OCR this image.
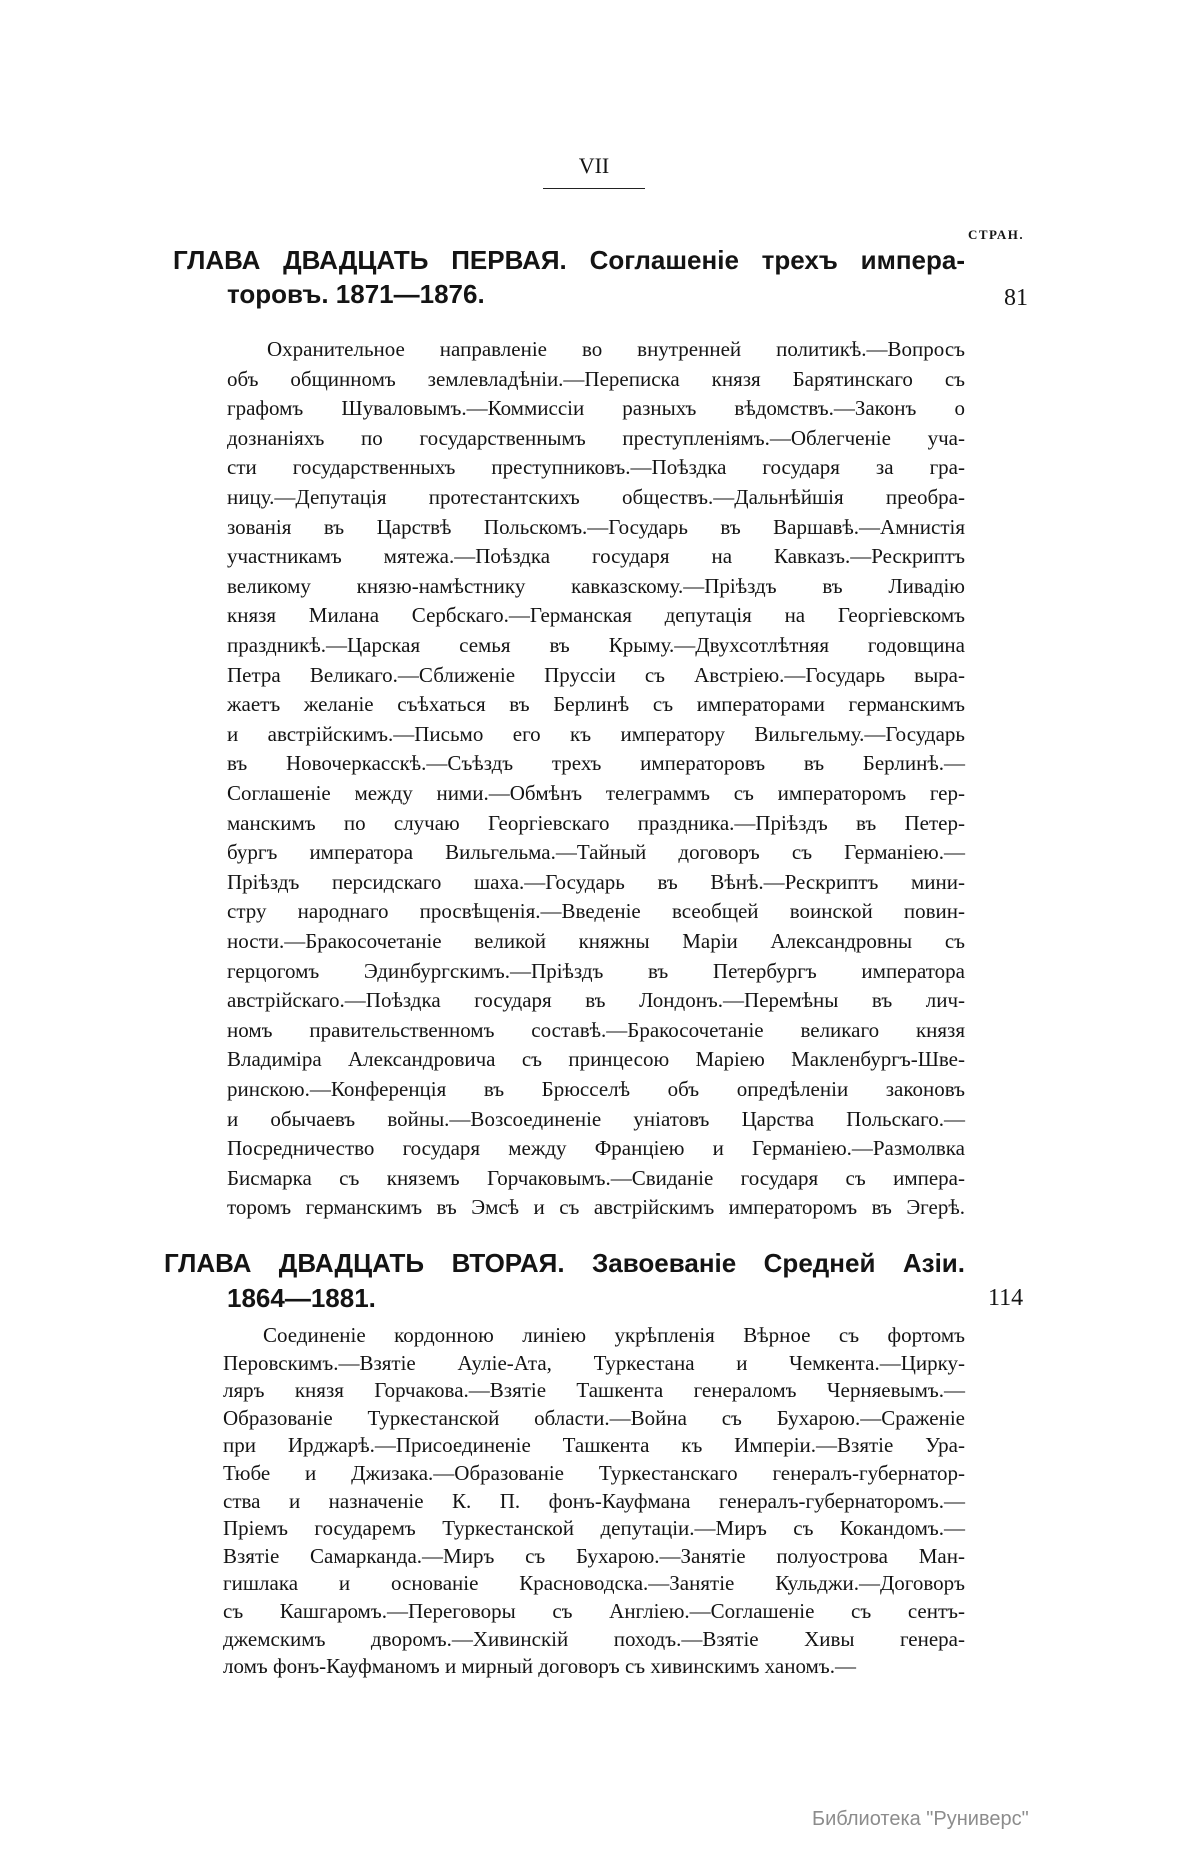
VII
СТРАН.
ГЛАВА ДВАДЦАТЬ ПЕРВАЯ. Соглашеніе трехъ импера-
торовъ. 1871—1876.	81
Охранительное направленіе во внутренней политикѣ.—Вопросъ
объ общинномъ землевладѣніи.—Переписка князя Барятинскаго съ
графомъ Шуваловымъ.—Коммиссіи разныхъ вѣдомствъ.—Законъ о
дознаніяхъ по государственнымъ преступленіямъ.—Облегченіе уча-
сти государственныхъ преступниковъ.—Поѣздка государя за гра-
ницу.—Депутація протестантскихъ обществъ.—Дальнѣйшія преобра-
зованія въ Царствѣ Польскомъ.—Государь въ Варшавѣ.—Амнистія
участникамъ мятежа.—Поѣздка государя на Кавказъ.—Рескриптъ
великому князю-намѣстнику кавказскому.—Пріѣздъ въ Ливадію
князя Милана Сербскаго.—Германская депутація на Георгіевскомъ
праздникѣ.—Царская семья въ Крыму.—Двухсотлѣтняя годовщина
Петра Великаго.—Сближеніе Пруссіи съ Австріею.—Государь выра-
жаетъ желаніе съѣхаться въ Берлинѣ съ императорами германскимъ
и австрійскимъ.—Письмо его къ императору Вильгельму.—Государь
въ Новочеркасскѣ.—Съѣздъ трехъ императоровъ въ Берлинѣ.—
Соглашеніе между ними.—Обмѣнъ телеграммъ съ императоромъ гер-
манскимъ по случаю Георгіевскаго праздника.—Пріѣздъ въ Петер-
бургъ императора Вильгельма.—Тайный договоръ съ Германіею.—
Пріѣздъ персидскаго шаха.—Государь въ Вѣнѣ.—Рескриптъ мини-
стру народнаго просвѣщенія.—Введеніе всеобщей воинской повин-
ности.—Бракосочетаніе великой княжны Маріи Александровны съ
герцогомъ Эдинбургскимъ.—Пріѣздъ въ Петербургъ императора
австрійскаго.—Поѣздка государя въ Лондонъ.—Перемѣны въ лич-
номъ правительственномъ составѣ.—Бракосочетаніе великаго князя
Владиміра Александровича съ принцесою Маріею Макленбургъ-Шве-
ринскою.—Конференція въ Брюсселѣ объ опредѣленіи законовъ
и обычаевъ войны.—Возсоединеніе уніатовъ Царства Польскаго.—
Посредничество государя между Франціею и Германіею.—Размолвка
Бисмарка съ княземъ Горчаковымъ.—Свиданіе государя съ импера-
торомъ германскимъ въ Эмсѣ и съ австрійскимъ императоромъ въ Эгерѣ.
ГЛАВА ДВАДЦАТЬ ВТОРАЯ. Завоеваніе Средней Азіи.
1864—1881.	114
Соединеніе кордонною линіею укрѣпленія Вѣрное съ фортомъ
Перовскимъ.—Взятіе Ауліе-Ата, Туркестана и Чемкента.—Цирку-
ляръ князя Горчакова.—Взятіе Ташкента генераломъ Черняевымъ.—
Образованіе Туркестанской области.—Война съ Бухарою.—Сраженіе
при Ирджарѣ.—Присоединеніе Ташкента къ Имперіи.—Взятіе Ура-
Тюбе и Джизака.—Образованіе Туркестанскаго генералъ-губернатор-
ства и назначеніе К. П. фонъ-Кауфмана генералъ-губернаторомъ.—
Пріемъ государемъ Туркестанской депутаціи.—Миръ съ Кокандомъ.—
Взятіе Самарканда.—Миръ съ Бухарою.—Занятіе полуострова Ман-
гишлака и основаніе Красноводска.—Занятіе Кульджи.—Договоръ
съ Кашгаромъ.—Переговоры съ Англіею.—Соглашеніе съ сентъ-
джемскимъ дворомъ.—Хивинскій походъ.—Взятіе Хивы генера-
ломъ фонъ-Кауфманомъ и мирный договоръ съ хивинскимъ ханомъ.—
Библиотека "Руниверс"
